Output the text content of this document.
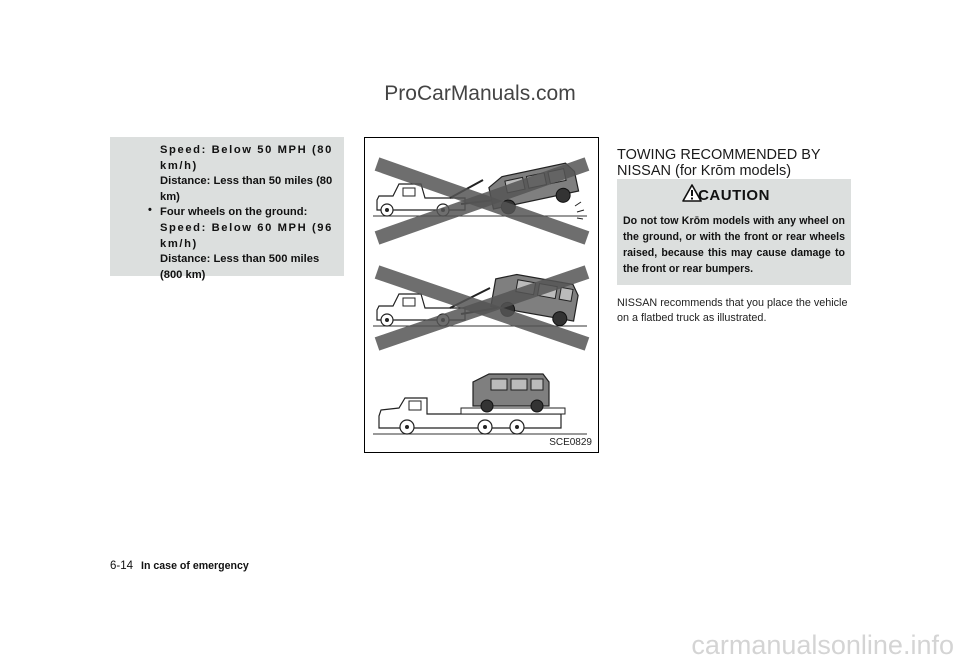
ProCarManuals.com
Speed: Below 50 MPH (80
km/h)
Distance: Less than 50 miles (80
km)
• Four wheels on the ground:
Speed: Below 60 MPH (96
km/h)
Distance: Less than 500 miles
(800 km)
SCE0829
TOWING RECOMMENDED BY
NISSAN (for Krōm models)
CAUTION
Do not tow Krōm models with any wheel on the ground, or with the front or rear wheels raised, because this may cause damage to the front or rear bumpers.
NISSAN recommends that you place the vehicle on a flatbed truck as illustrated.
6-14 In case of emergency
carmanualsonline.info
